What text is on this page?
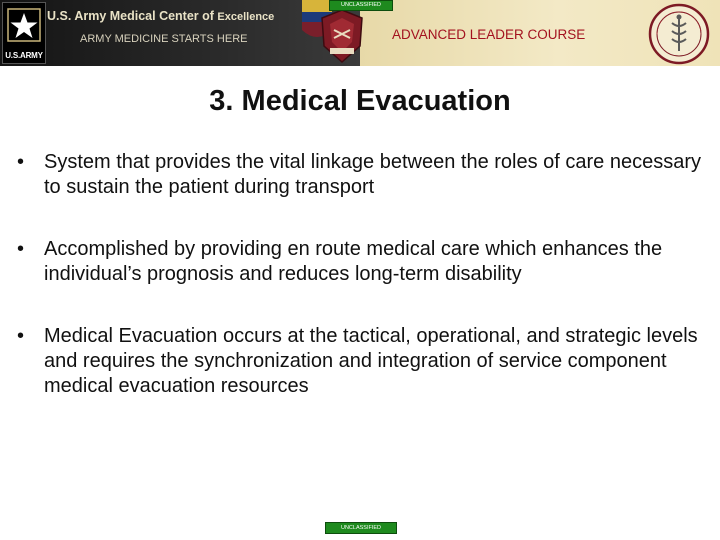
U.S.ARMY
U.S. Army Medical Center of Excellence
ARMY MEDICINE STARTS HERE
UNCLASSIFIED
ADVANCED LEADER COURSE
3. Medical Evacuation
• System that provides the vital linkage between the roles of care necessary to sustain the patient during transport
• Accomplished by providing en route medical care which enhances the individual’s prognosis and reduces long-term disability
• Medical Evacuation occurs at the tactical, operational, and strategic levels and requires the synchronization and integration of service component medical evacuation resources
UNCLASSIFIED
